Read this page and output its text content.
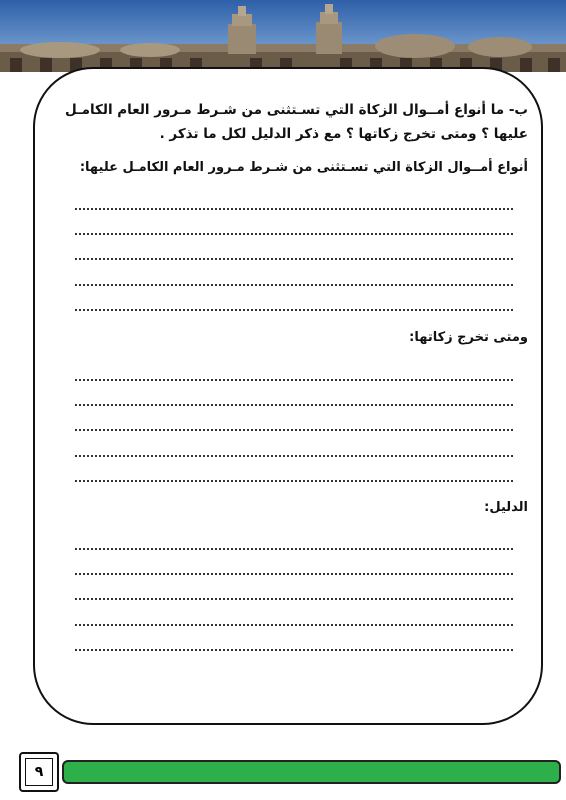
ب- ما أنواع أمــوال الزكاة التي تسـتثنى من شـرط مـرور العام الكامـل
عليها ؟ ومتى تخرج زكاتها ؟ مع ذكر الدليل لكل ما تذكر .

أنواع أمــوال الزكاة التي تسـتثنى من شـرط مـرور العام الكامـل عليها:

ومتى تخرج زكاتها:

الدليل:

٩
